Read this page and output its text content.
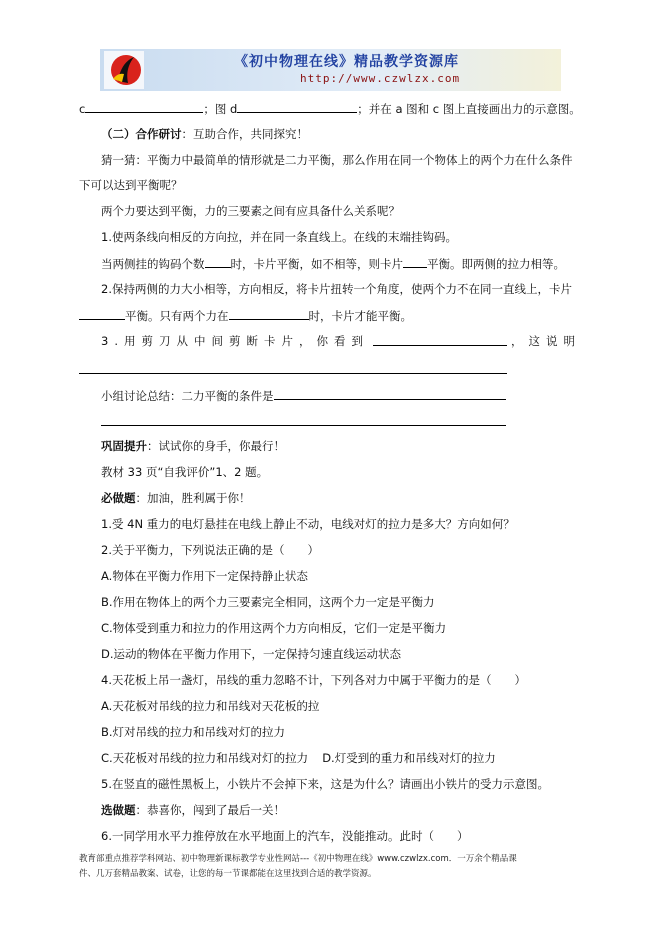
《初中物理在线》精品教学资源库
http://www.czwlzx.com
c	；图 d	；并在 a 图和 c 图上直接画出力的示意图。
（二）合作研讨：互助合作，共同探究！
猜一猜：平衡力中最简单的情形就是二力平衡，那么作用在同一个物体上的两个力在什么条件
下可以达到平衡呢？
两个力要达到平衡，力的三要素之间有应具备什么关系呢？
1.使两条线向相反的方向拉，并在同一条直线上。在线的末端挂钩码。
当两侧挂的钩码个数 时，卡片平衡，如不相等，则卡片 平衡。即两侧的拉力相等。
2.保持两侧的力大小相等，方向相反，将卡片扭转一个角度，使两个力不在同一直线上，卡片
平衡。只有两个力在	时，卡片才能平衡。
3.用剪刀从中间剪断卡片，你看到	，这说明
小组讨论总结：二力平衡的条件是
巩固提升：试试你的身手，你最行！
教材 33 页“自我评价”1、2 题。
必做题：加油，胜利属于你！
1.受 4N 重力的电灯悬挂在电线上静止不动，电线对灯的拉力是多大？方向如何？
2.关于平衡力，下列说法正确的是（　　）
A.物体在平衡力作用下一定保持静止状态
B.作用在物体上的两个力三要素完全相同，这两个力一定是平衡力
C.物体受到重力和拉力的作用这两个力方向相反，它们一定是平衡力
D.运动的物体在平衡力作用下，一定保持匀速直线运动状态
4.天花板上吊一盏灯，吊线的重力忽略不计，下列各对力中属于平衡力的是（　　）
A.天花板对吊线的拉力和吊线对天花板的拉
B.灯对吊线的拉力和吊线对灯的拉力
C.天花板对吊线的拉力和吊线对灯的拉力 D.灯受到的重力和吊线对灯的拉力
5.在竖直的磁性黑板上，小铁片不会掉下来，这是为什么？请画出小铁片的受力示意图。
选做题：恭喜你，闯到了最后一关！
6.一同学用水平力推停放在水平地面上的汽车，没能推动。此时（　　）
教育部重点推荐学科网站、初中物理新课标教学专业性网站---《初中物理在线》www.czwlzx.com．一万余个精品课
件、几万套精品教案、试卷，让您的每一节课都能在这里找到合适的教学资源。
